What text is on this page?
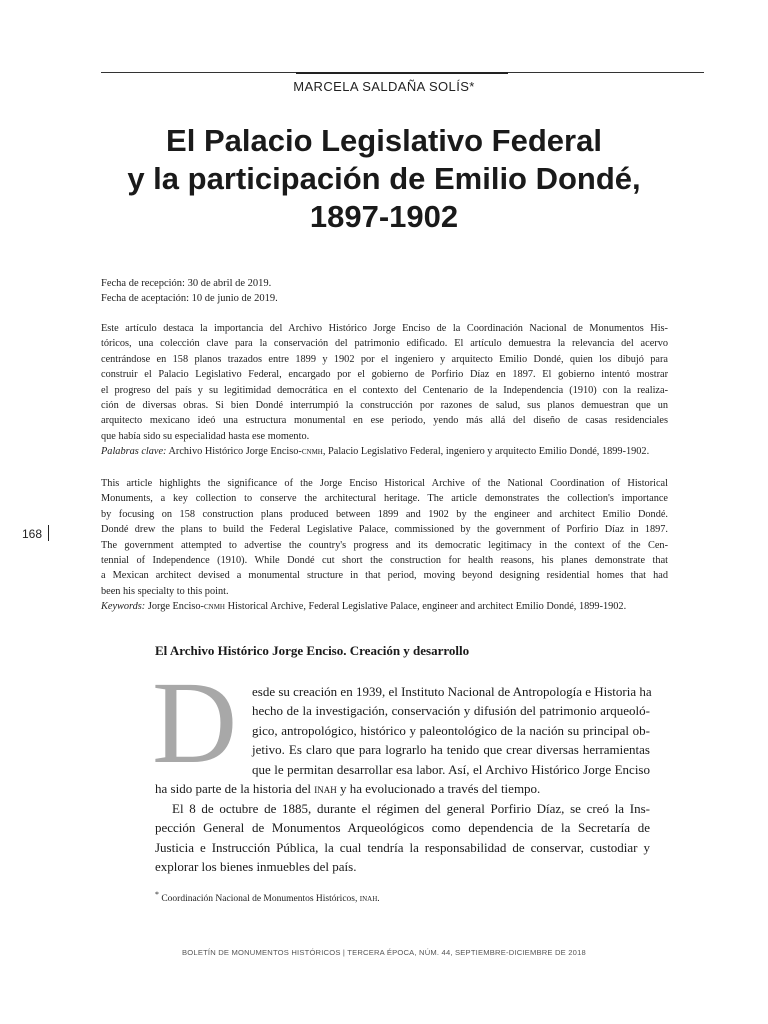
MARCELA SALDAÑA SOLÍS*
El Palacio Legislativo Federal
y la participación de Emilio Dondé,
1897-1902
Fecha de recepción: 30 de abril de 2019.
Fecha de aceptación: 10 de junio de 2019.
Este artículo destaca la importancia del Archivo Histórico Jorge Enciso de la Coordinación Nacional de Monumentos His-
tóricos, una colección clave para la conservación del patrimonio edificado. El artículo demuestra la relevancia del acervo
centrándose en 158 planos trazados entre 1899 y 1902 por el ingeniero y arquitecto Emilio Dondé, quien los dibujó para
construir el Palacio Legislativo Federal, encargado por el gobierno de Porfirio Díaz en 1897. El gobierno intentó mostrar
el progreso del país y su legitimidad democrática en el contexto del Centenario de la Independencia (1910) con la realiza-
ción de diversas obras. Si bien Dondé interrumpió la construcción por razones de salud, sus planos demuestran que un
arquitecto mexicano ideó una estructura monumental en ese periodo, yendo más allá del diseño de casas residenciales
que había sido su especialidad hasta ese momento.
Palabras clave: Archivo Histórico Jorge Enciso-cnmh, Palacio Legislativo Federal, ingeniero y arquitecto Emilio Dondé, 1899-1902.
This article highlights the significance of the Jorge Enciso Historical Archive of the National Coordination of Historical
Monuments, a key collection to conserve the architectural heritage. The article demonstrates the collection's importance
by focusing on 158 construction plans produced between 1899 and 1902 by the engineer and architect Emilio Dondé.
Dondé drew the plans to build the Federal Legislative Palace, commissioned by the government of Porfirio Díaz in 1897.
The government attempted to advertise the country's progress and its democratic legitimacy in the context of the Cen-
tennial of Independence (1910). While Dondé cut short the construction for health reasons, his planes demonstrate that
a Mexican architect devised a monumental structure in that period, moving beyond designing residential homes that had
been his specialty to this point.
Keywords: Jorge Enciso-cnmh Historical Archive, Federal Legislative Palace, engineer and architect Emilio Dondé, 1899-1902.
168
El Archivo Histórico Jorge Enciso. Creación y desarrollo
D esde su creación en 1939, el Instituto Nacional de Antropología e Historia ha
hecho de la investigación, conservación y difusión del patrimonio arqueoló-
gico, antropológico, histórico y paleontológico de la nación su principal ob-
jetivo. Es claro que para lograrlo ha tenido que crear diversas herramientas
que le permitan desarrollar esa labor. Así, el Archivo Histórico Jorge Enciso
ha sido parte de la historia del inah y ha evolucionado a través del tiempo.
El 8 de octubre de 1885, durante el régimen del general Porfirio Díaz, se creó la Ins-
pección General de Monumentos Arqueológicos como dependencia de la Secretaría de
Justicia e Instrucción Pública, la cual tendría la responsabilidad de conservar, custodiar y
explorar los bienes inmuebles del país.
* Coordinación Nacional de Monumentos Históricos, inah.
BOLETÍN DE MONUMENTOS HISTÓRICOS | TERCERA ÉPOCA, NÚM. 44, SEPTIEMBRE-DICIEMBRE DE 2018
